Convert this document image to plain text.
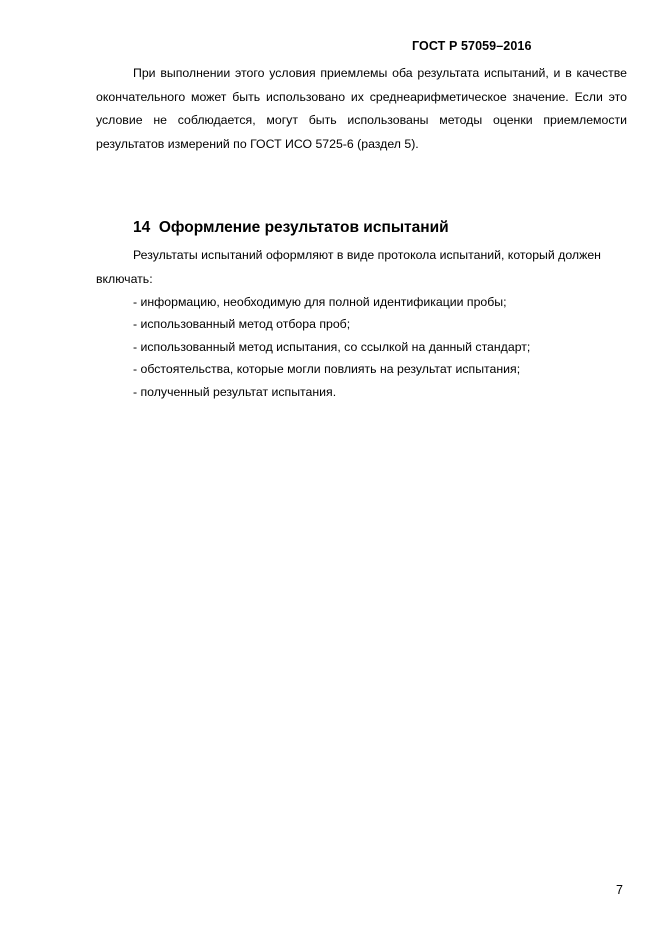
ГОСТ Р 57059–2016
При выполнении этого условия приемлемы оба результата испытаний, и в качестве окончательного может быть использовано их среднеарифметическое значение. Если это условие не соблюдается, могут быть использованы методы оценки приемлемости результатов измерений по ГОСТ ИСО 5725-6 (раздел 5).
14 Оформление результатов испытаний
Результаты испытаний оформляют в виде протокола испытаний, который должен включать:
- информацию, необходимую для полной идентификации пробы;
- использованный метод отбора проб;
- использованный метод испытания, со ссылкой на данный стандарт;
- обстоятельства, которые могли повлиять на результат испытания;
- полученный результат испытания.
7
